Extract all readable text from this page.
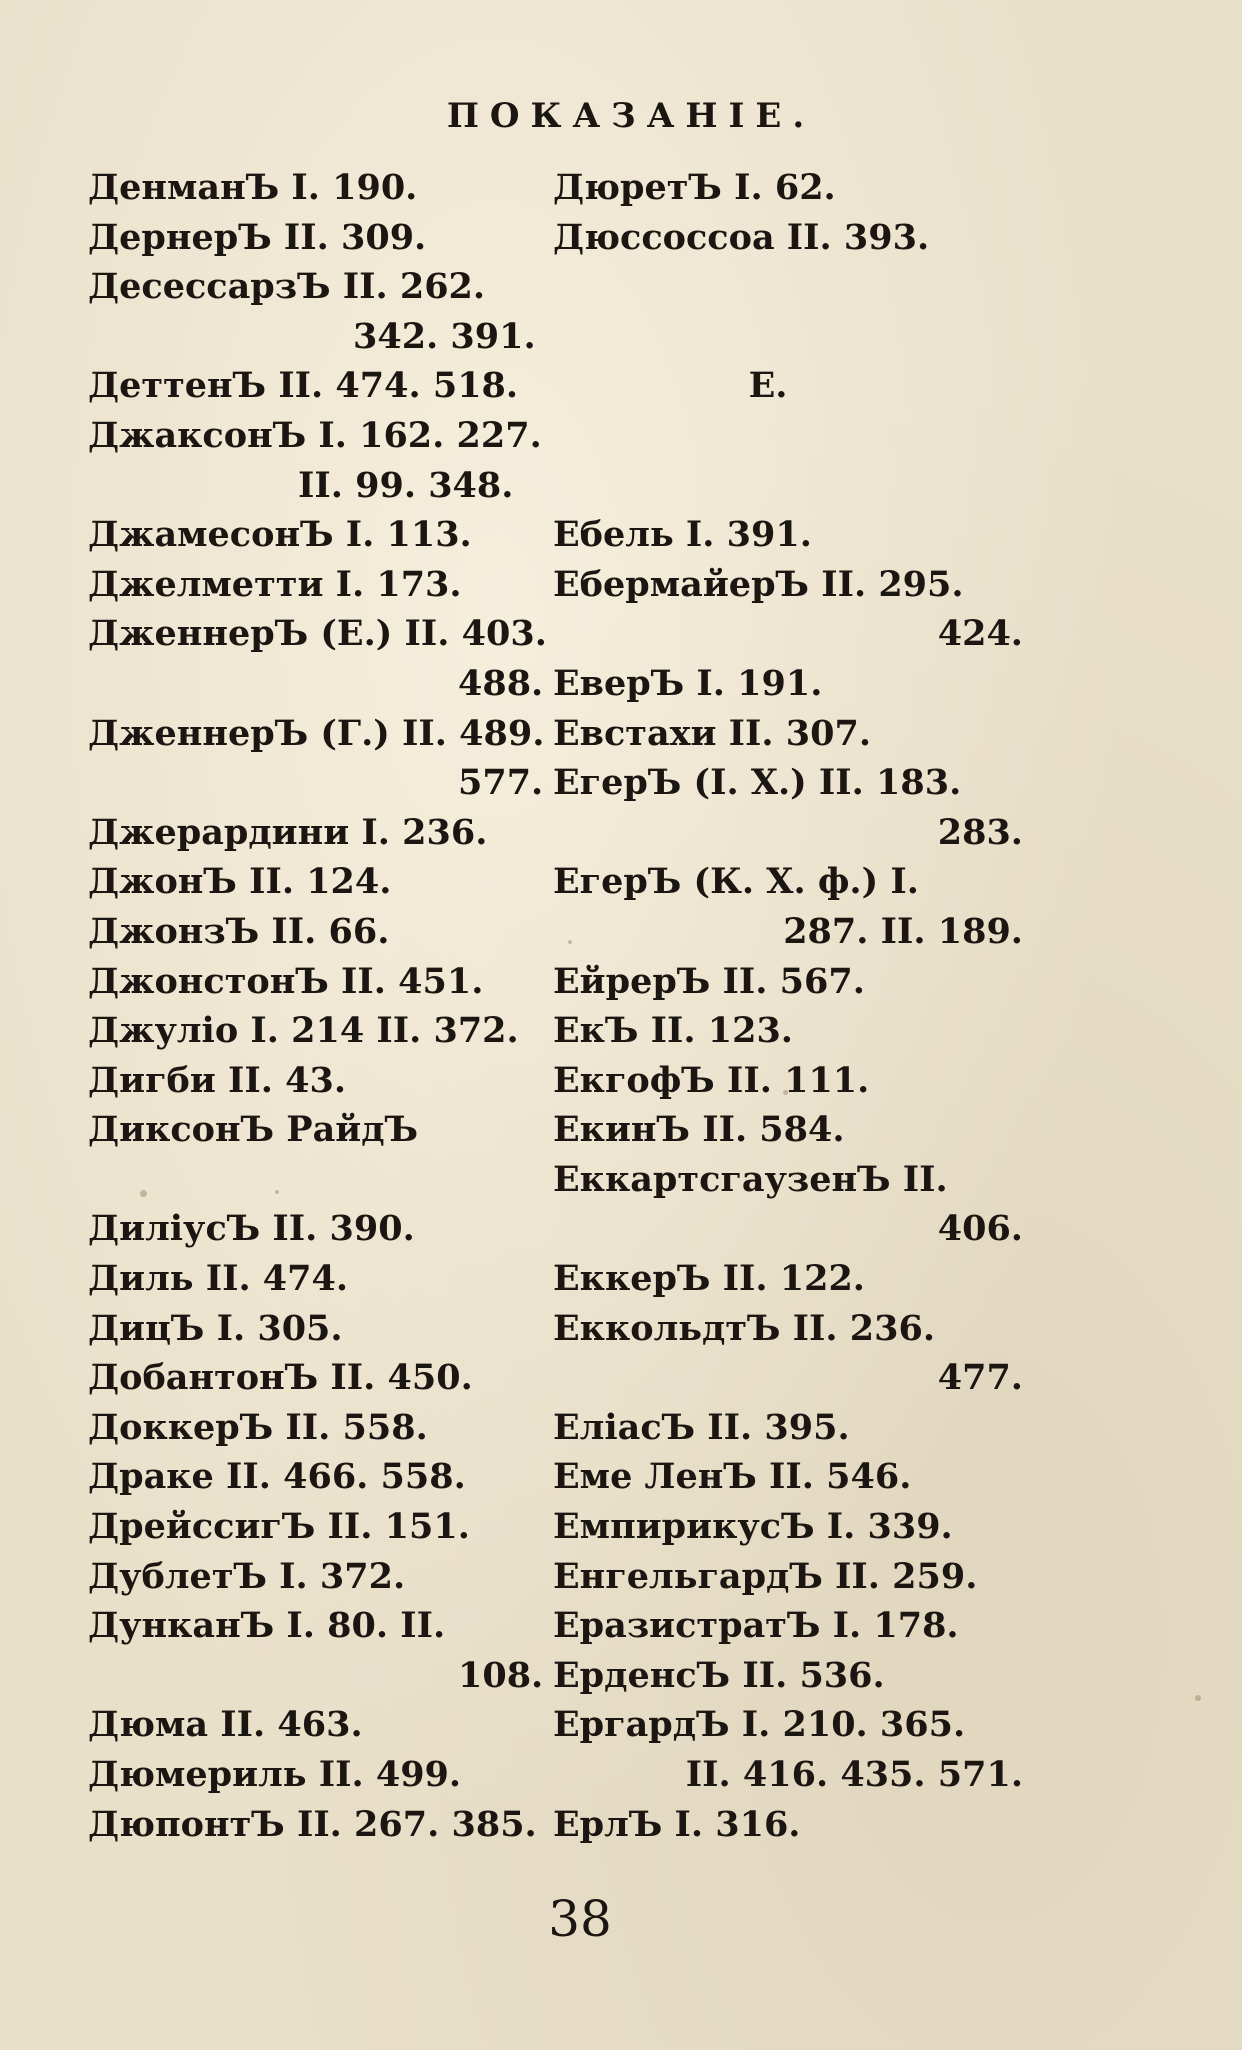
ПОКАЗАНIЕ.
ДенманЪ I. 190.
ДернерЪ II. 309.
ДесессарзЪ II. 262.
342. 391.
ДеттенЪ II. 474. 518.
ДжаксонЪ I. 162. 227.
II. 99. 348.
ДжамесонЪ I. 113.
Джелметти I. 173.
ДженнерЪ (Е.) II. 403.
488.
ДженнерЪ (Г.) II. 489.
577.
Джерардини I. 236.
ДжонЪ II. 124.
ДжонзЪ II. 66.
ДжонстонЪ II. 451.
Джулiо I. 214 II. 372.
Дигби II. 43.
ДиксонЪ РайдЪ
ДилiусЪ II. 390.
Диль II. 474.
ДицЪ I. 305.
ДобантонЪ II. 450.
ДоккерЪ II. 558.
Драке II. 466. 558.
ДрейссигЪ II. 151.
ДублетЪ I. 372.
ДунканЪ I. 80. II.
108.
Дюма II. 463.
Дюмериль II. 499.
ДюпонтЪ II. 267. 385.
ДюретЪ I. 62.
Дюссоссоа II. 393.
Е.
Ебель I. 391.
ЕбермайерЪ II. 295.
424.
ЕверЪ I. 191.
Евстахи II. 307.
ЕгерЪ (I. X.) II. 183.
283.
ЕгерЪ (К. X. ф.) I.
287. II. 189.
ЕйрерЪ II. 567.
ЕкЪ II. 123.
ЕкгофЪ II. 111.
ЕкинЪ II. 584.
ЕккартсгаузенЪ II.
406.
ЕккерЪ II. 122.
ЕккольдтЪ II. 236.
477.
ЕлiасЪ II. 395.
Еме ЛенЪ II. 546.
ЕмпирикусЪ I. 339.
ЕнгельгардЪ II. 259.
ЕразистратЪ I. 178.
ЕрденсЪ II. 536.
ЕргардЪ I. 210. 365.
II. 416. 435. 571.
ЕрлЪ I. 316.
38
